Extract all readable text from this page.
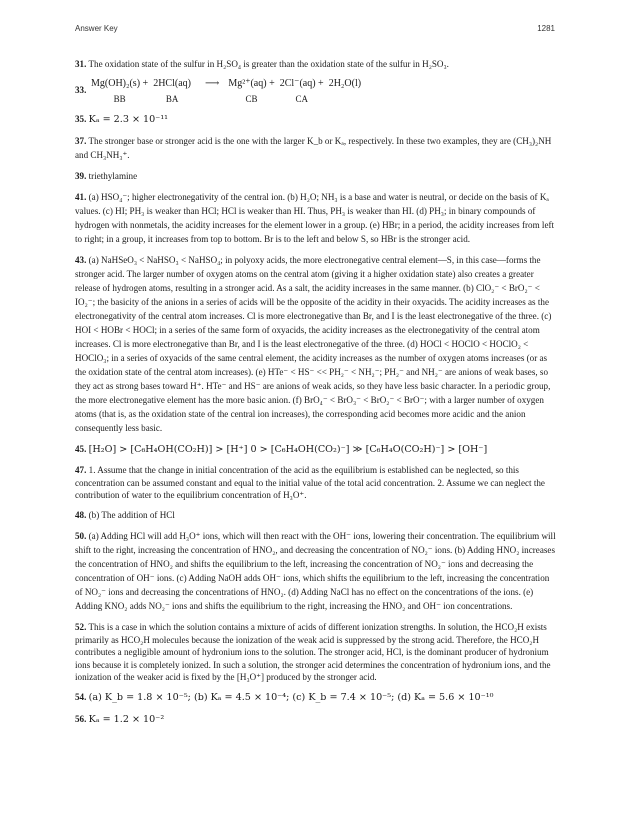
Answer Key	1281

31. The oxidation state of the sulfur in H₂SO₄ is greater than the oxidation state of the sulfur in H₂SO₃.

33.
Mg(OH)₂(s) +	2HCl(aq)	⟶	Mg²⁺(aq) +	2Cl⁻(aq) +	2H₂O(l)
BB	BA		CB	CA	

35. Kₐ = 2.3 × 10⁻¹¹

37. The stronger base or stronger acid is the one with the larger K_b or Kₐ, respectively. In these two examples, they are (CH₃)₂NH and CH₃NH₃⁺.

39. triethylamine

41. (a) HSO₄⁻; higher electronegativity of the central ion. (b) H₂O; NH₃ is a base and water is neutral, or decide on the basis of Kₐ values. (c) HI; PH₃ is weaker than HCl; HCl is weaker than HI. Thus, PH₃ is weaker than HI. (d) PH₃; in binary compounds of hydrogen with nonmetals, the acidity increases for the element lower in a group. (e) HBr; in a period, the acidity increases from left to right; in a group, it increases from top to bottom. Br is to the left and below S, so HBr is the stronger acid.

43. (a) NaHSeO₃ < NaHSO₃ < NaHSO₄; in polyoxy acids, the more electronegative central element—S, in this case—forms the stronger acid. The larger number of oxygen atoms on the central atom (giving it a higher oxidation state) also creates a greater release of hydrogen atoms, resulting in a stronger acid. As a salt, the acidity increases in the same manner. (b) ClO₂⁻ < BrO₂⁻ < IO₂⁻; the basicity of the anions in a series of acids will be the opposite of the acidity in their oxyacids. The acidity increases as the electronegativity of the central atom increases. Cl is more electronegative than Br, and I is the least electronegative of the three. (c) HOI < HOBr < HOCl; in a series of the same form of oxyacids, the acidity increases as the electronegativity of the central atom increases. Cl is more electronegative than Br, and I is the least electronegative of the three. (d) HOCl < HOClO < HOClO₂ < HOClO₃; in a series of oxyacids of the same central element, the acidity increases as the number of oxygen atoms increases (or as the oxidation state of the central atom increases). (e) HTe⁻ < HS⁻ << PH₂⁻ < NH₂⁻; PH₂⁻ and NH₂⁻ are anions of weak bases, so they act as strong bases toward H⁺. HTe⁻ and HS⁻ are anions of weak acids, so they have less basic character. In a periodic group, the more electronegative element has the more basic anion. (f) BrO₄⁻ < BrO₃⁻ < BrO₂⁻ < BrO⁻; with a larger number of oxygen atoms (that is, as the oxidation state of the central ion increases), the corresponding acid becomes more acidic and the anion consequently less basic.

45. [H₂O] > [C₆H₄OH(CO₂H)] > [H⁺] 0 > [C₆H₄OH(CO₂)⁻] ≫ [C₆H₄O(CO₂H)⁻] > [OH⁻]

47. 1. Assume that the change in initial concentration of the acid as the equilibrium is established can be neglected, so this concentration can be assumed constant and equal to the initial value of the total acid concentration. 2. Assume we can neglect the contribution of water to the equilibrium concentration of H₃O⁺.

48. (b) The addition of HCl

50. (a) Adding HCl will add H₃O⁺ ions, which will then react with the OH⁻ ions, lowering their concentration. The equilibrium will shift to the right, increasing the concentration of HNO₂, and decreasing the concentration of NO₂⁻ ions. (b) Adding HNO₂ increases the concentration of HNO₂ and shifts the equilibrium to the left, increasing the concentration of NO₂⁻ ions and decreasing the concentration of OH⁻ ions. (c) Adding NaOH adds OH⁻ ions, which shifts the equilibrium to the left, increasing the concentration of NO₂⁻ ions and decreasing the concentrations of HNO₂. (d) Adding NaCl has no effect on the concentrations of the ions. (e) Adding KNO₂ adds NO₂⁻ ions and shifts the equilibrium to the right, increasing the HNO₂ and OH⁻ ion concentrations.

52. This is a case in which the solution contains a mixture of acids of different ionization strengths. In solution, the HCO₂H exists primarily as HCO₂H molecules because the ionization of the weak acid is suppressed by the strong acid. Therefore, the HCO₂H contributes a negligible amount of hydronium ions to the solution. The stronger acid, HCl, is the dominant producer of hydronium ions because it is completely ionized. In such a solution, the stronger acid determines the concentration of hydronium ions, and the ionization of the weaker acid is fixed by the [H₃O⁺] produced by the stronger acid.

54. (a) K_b = 1.8 × 10⁻⁵; (b) Kₐ = 4.5 × 10⁻⁴; (c) K_b = 7.4 × 10⁻⁵; (d) Kₐ = 5.6 × 10⁻¹⁰

56. Kₐ = 1.2 × 10⁻²
